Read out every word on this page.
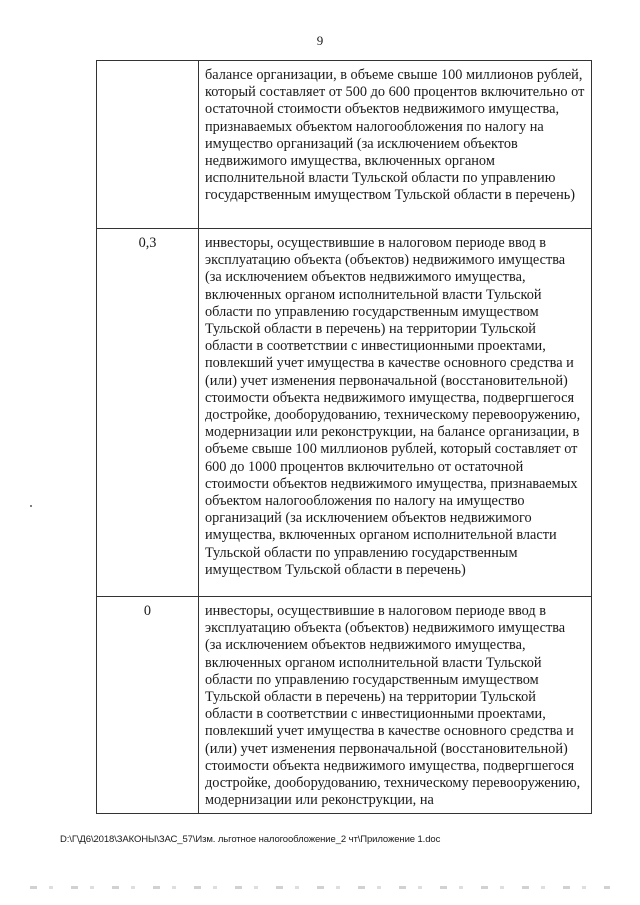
9
	балансе организации, в объеме свыше 100 миллионов рублей, который составляет от 500 до 600 процентов включительно от остаточной стоимости объектов недвижимого имущества, признаваемых объектом налогообложения по налогу на имущество организаций (за исключением объектов недвижимого имущества, включенных органом исполнительной власти Тульской области по управлению государственным имуществом Тульской области в перечень)
0,3	инвесторы, осуществившие в налоговом периоде ввод в эксплуатацию объекта (объектов) недвижимого имущества (за исключением объектов недвижимого имущества, включенных органом исполнительной власти Тульской области по управлению государственным имуществом Тульской области в перечень) на территории Тульской области в соответствии с инвестиционными проектами, повлекший учет имущества в качестве основного средства и (или) учет изменения первоначальной (восстановительной) стоимости объекта недвижимого имущества, подвергшегося достройке, дооборудованию, техническому перевооружению, модернизации или реконструкции, на балансе организации, в объеме свыше 100 миллионов рублей, который составляет от 600 до 1000 процентов включительно от остаточной стоимости объектов недвижимого имущества, признаваемых объектом налогообложения по налогу на имущество организаций (за исключением объектов недвижимого имущества, включенных органом исполнительной власти Тульской области по управлению государственным имуществом Тульской области в перечень)
0	инвесторы, осуществившие в налоговом периоде ввод в эксплуатацию объекта (объектов) недвижимого имущества (за исключением объектов недвижимого имущества, включенных органом исполнительной власти Тульской области по управлению государственным имуществом Тульской области в перечень) на территории Тульской области в соответствии с инвестиционными проектами, повлекший учет имущества в качестве основного средства и (или) учет изменения первоначальной (восстановительной) стоимости объекта недвижимого имущества, подвергшегося достройке, дооборудованию, техническому перевооружению, модернизации или реконструкции, на
D:\Г\Д6\2018\ЗАКОНЫ\ЗАС_57\Изм. льготное налогообложение_2 чт\Приложение 1.doc
